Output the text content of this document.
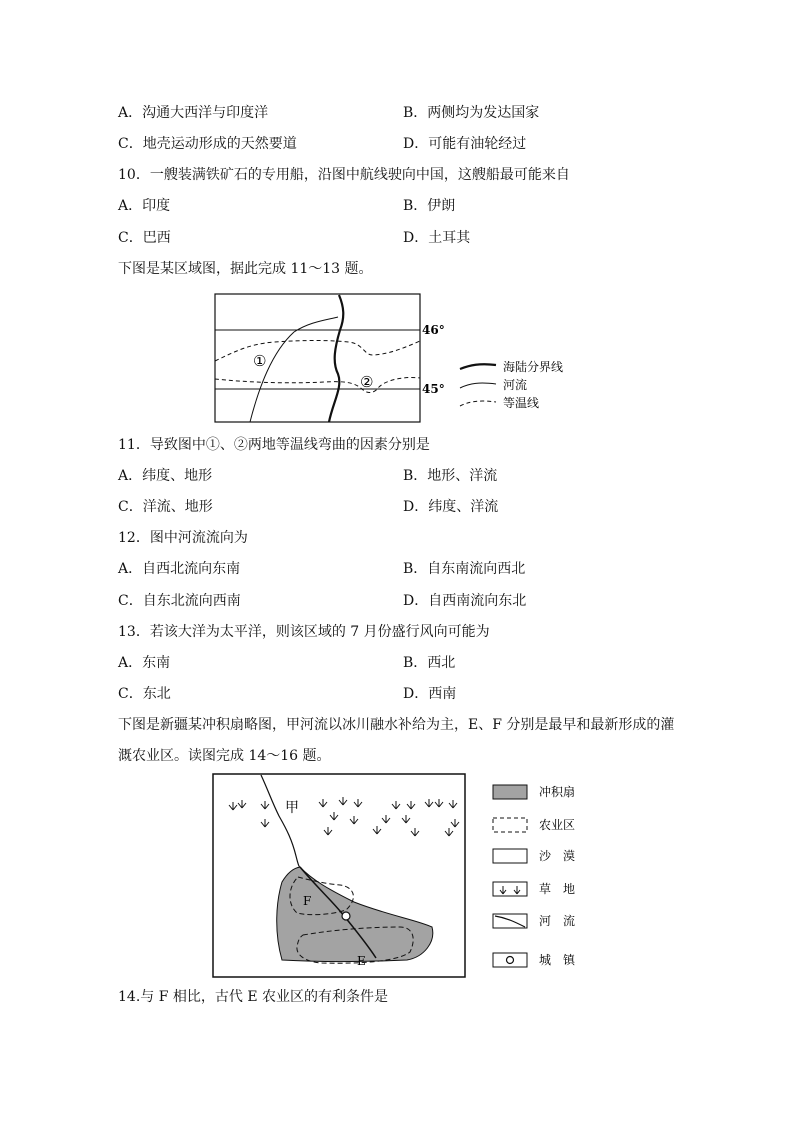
A．沟通大西洋与印度洋	B．两侧均为发达国家
C．地壳运动形成的天然要道	D．可能有油轮经过
10．一艘装满铁矿石的专用船，沿图中航线驶向中国，这艘船最可能来自
A．印度	B．伊朗
C．巴西	D．土耳其
下图是某区域图，据此完成 11～13 题。
①
②
46°
45°
海陆分界线
河流
等温线
11．导致图中①、②两地等温线弯曲的因素分别是
A．纬度、地形	B．地形、洋流
C．洋流、地形	D．纬度、洋流
12．图中河流流向为
A．自西北流向东南	B．自东南流向西北
C．自东北流向西南	D．自西南流向东北
13．若该大洋为太平洋，则该区域的 7 月份盛行风向可能为
A．东南	B．西北
C．东北	D．西南
下图是新疆某冲积扇略图，甲河流以冰川融水补给为主，E、F 分别是最早和最新形成的灌
溉农业区。读图完成 14～16 题。
甲
F
E
冲积扇
农业区
沙　漠
草　地
河　流
城　镇
14.与 F 相比，古代 E 农业区的有利条件是
